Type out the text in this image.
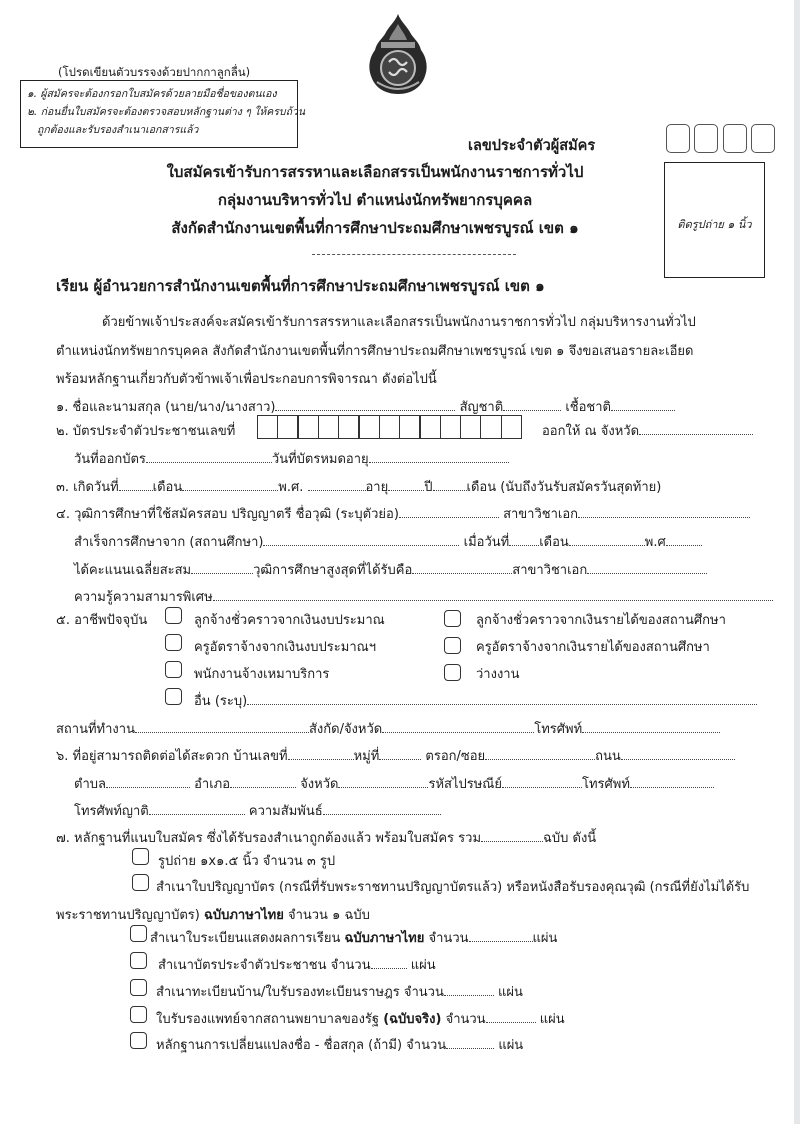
(โปรดเขียนตัวบรรจงด้วยปากกาลูกลื่น)
๑. ผู้สมัครจะต้องกรอกใบสมัครด้วยลายมือชื่อของตนเอง
๒. ก่อนยื่นใบสมัครจะต้องตรวจสอบหลักฐานต่าง ๆ ให้ครบถ้วน
ถูกต้องและรับรองสำเนาเอกสารแล้ว
เลขประจำตัวผู้สมัคร
ติดรูปถ่าย ๑ นิ้ว
ใบสมัครเข้ารับการสรรหาและเลือกสรรเป็นพนักงานราชการทั่วไป
กลุ่มงานบริหารทั่วไป ตำแหน่งนักทรัพยากรบุคคล
สังกัดสำนักงานเขตพื้นที่การศึกษาประถมศึกษาเพชรบูรณ์ เขต ๑
เรียน ผู้อำนวยการสำนักงานเขตพื้นที่การศึกษาประถมศึกษาเพชรบูรณ์ เขต ๑
ด้วยข้าพเจ้าประสงค์จะสมัครเข้ารับการสรรหาและเลือกสรรเป็นพนักงานราชการทั่วไป กลุ่มบริหารงานทั่วไป
ตำแหน่งนักทรัพยากรบุคคล สังกัดสำนักงานเขตพื้นที่การศึกษาประถมศึกษาเพชรบูรณ์ เขต ๑ จึงขอเสนอรายละเอียด
พร้อมหลักฐานเกี่ยวกับตัวข้าพเจ้าเพื่อประกอบการพิจารณา ดังต่อไปนี้
๑. ชื่อและนามสกุล (นาย/นาง/นางสาว)	สัญชาติ	เชื้อชาติ
๒. บัตรประจำตัวประชาชนเลขที่	ออกให้ ณ จังหวัด
วันที่ออกบัตร	วันที่บัตรหมดอายุ
๓. เกิดวันที่	เดือน	พ.ศ.	อายุ	ปี	เดือน (นับถึงวันรับสมัครวันสุดท้าย)
๔. วุฒิการศึกษาที่ใช้สมัครสอบ ปริญญาตรี ชื่อวุฒิ (ระบุตัวย่อ)	สาขาวิชาเอก
สำเร็จการศึกษาจาก (สถานศึกษา)	เมื่อวันที่ เดือน	พ.ศ
ได้คะแนนเฉลี่ยสะสม	วุฒิการศึกษาสูงสุดที่ได้รับคือ	สาขาวิชาเอก
ความรู้ความสามารพิเศษ
๕. อาชีพปัจจุบัน	ลูกจ้างชั่วคราวจากเงินงบประมาณ	ลูกจ้างชั่วคราวจากเงินรายได้ของสถานศึกษา
ครูอัตราจ้างจากเงินงบประมาณฯ	ครูอัตราจ้างจากเงินรายได้ของสถานศึกษา
พนักงานจ้างเหมาบริการ	ว่างงาน
อื่น (ระบุ)
สถานที่ทำงาน	สังกัด/จังหวัด	โทรศัพท์
๖. ที่อยู่สามารถติดต่อได้สะดวก บ้านเลขที่	หมู่ที่	ตรอก/ซอย	ถนน
ตำบล	อำเภอ	จังหวัด	รหัสไปรษณีย์	โทรศัพท์
โทรศัพท์ญาติ	ความสัมพันธ์
๗. หลักฐานที่แนบใบสมัคร ซึ่งได้รับรองสำเนาถูกต้องแล้ว พร้อมใบสมัคร รวม	ฉบับ ดังนี้
รูปถ่าย ๑x๑.๕ นิ้ว จำนวน ๓ รูป
สำเนาใบปริญญาบัตร (กรณีที่รับพระราชทานปริญญาบัตรแล้ว) หรือหนังสือรับรองคุณวุฒิ (กรณีที่ยังไม่ได้รับ
พระราชทานปริญญาบัตร) ฉบับภาษาไทย จำนวน ๑ ฉบับ
สำเนาใบระเบียนแสดงผลการเรียน ฉบับภาษาไทย จำนวน	แผ่น
สำเนาบัตรประจำตัวประชาชน จำนวน	แผ่น
สำเนาทะเบียนบ้าน/ใบรับรองทะเบียนราษฎร จำนวน	แผ่น
ใบรับรองแพทย์จากสถานพยาบาลของรัฐ (ฉบับจริง) จำนวน	แผ่น
หลักฐานการเปลี่ยนแปลงชื่อ - ชื่อสกุล (ถ้ามี) จำนวน	แผ่น
